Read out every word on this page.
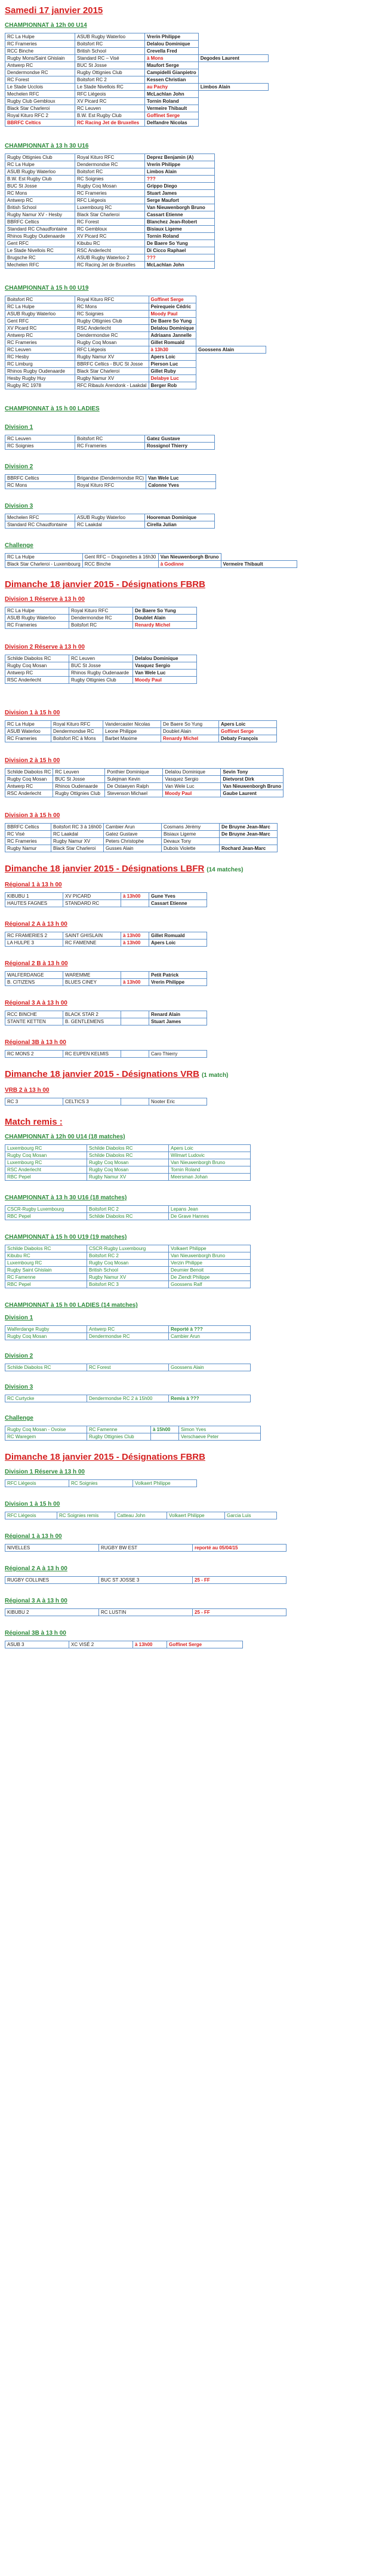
Samedi 17 janvier 2015
CHAMPIONNAT à 12h 00 U14
RC La Hulpe	ASUB Rugby Waterloo	Vrerin Philippe	
RC Frameries	Boitsfort RC	Delalou Dominique	
RCC Binche	British School	Crevella Fred	
Rugby Mons/Saint Ghislain	Standard RC – Visé	à Mons	Degodes Laurent
Antwerp RC	BUC St Josse	Maufort Serge	
Dendermondse RC	Rugby Ottignies Club	Campidelli Gianpietro	
RC Forest	Boitsfort RC 2	Kessen Christian	
Le Stade Ucclois	Le Stade Nivellois RC	au Pachy	Limbos Alain
Mechelen RFC	RFC Liégeois	McLachlan John	
Rugby Club Gembloux	XV Picard RC	Tornin Roland	
Black Star Charleroi	RC Leuven	Vermeire Thibault	
Royal Kituro RFC 2	B.W. Est Rugby Club	Goffinet Serge	
BBRFC Celtics	RC Racing Jet de Bruxelles	Delfandre Nicolas	
CHAMPIONNAT à 13 h 30 U16
Rugby Ottignies Club	Royal Kituro RFC	Deprez Benjamin (A)
RC La Hulpe	Dendermondse RC	Vrerin Philippe
ASUB Rugby Waterloo	Boitsfort RC	Limbos Alain
B.W. Est Rugby Club	RC Soignies	???
BUC St Josse	Rugby Coq Mosan	Grippo Diego
RC Mons	RC Frameries	Stuart James
Antwerp RC	RFC Liégeois	Serge Maufort
British School	Luxembourg RC	Van Nieuwenborgh Bruno
Rugby Namur XV - Hesby	Black Star Charleroi	Cassart Etienne
BBRFC Celtics	RC Forest	Blanchez Jean-Robert
Standard RC Chaudfontaine	RC Gembloux	Bisiaux Ligeme
Rhinos Rugby Oudenaarde	XV Picard RC	Tornin Roland
Gent RFC	Kibubu RC	De Baere So Yung
Le Stade Nivellois RC	RSC Anderlecht	Di Cicco Raphael
Brugsche RC	ASUB Rugby Waterloo 2	???
Mechelen RFC	RC Racing Jet de Bruxelles	McLachlan John
CHAMPIONNAT à 15 h 00 U19
Boitsfort RC	Royal Kituro RFC	Goffinet Serge	
RC La Hulpe	RC Mons	Peirequeie Cédric	
ASUB Rugby Waterloo	RC Soignies	Moody Paul	
Gent RFC	Rugby Ottignies Club	De Baere So Yung	
XV Picard RC	RSC Anderlecht	Delalou Dominique	
Antwerp RC	Dendermondse RC	Adriaans Jannelle	
RC Frameries	Rugby Coq Mosan	Gillet Romuald	
RC Leuven	RFC Liégeois	à 13h30	Goossens Alain
RC Hesby	Rugby Namur XV	Apers Loic	
RC Limburg	BBRFC Celtics - BUC St Josse	Pierson Luc	
Rhinos Rugby Oudenaarde	Black Star Charleroi	Gillet Ruby	
Hesby Rugby Huy	Rugby Namur XV	Delabye Luc	
Rugby RC 1978	RFC Ribaulx Arendonk - Laakdal	Berger Rob	
CHAMPIONNAT à 15 h 00 LADIES
Division 1
RC Leuven	Boitsfort RC	Gatez Gustave
RC Soignies	RC Frameries	Rossignol Thierry
Division 2
BBRFC Celtics	Brigandse (Dendermondse RC)	Van Wele Luc
RC Mons	Royal Kituro RFC	Calonne Yves
Division 3
Mechelen RFC	ASUB Rugby Waterloo	Hooreman Dominique
Standard RC Chaudfontaine	RC Laakdal	Cirella Julian
Challenge
RC La Hulpe	Gent RFC – Dragonettes à 16h30	Van Nieuwenborgh Bruno	
Black Star Charleroi - Luxembourg	RCC Binche	à Godinne	Vermeire Thibault
Dimanche 18 janvier 2015 - Désignations FBRB
Division 1 Réserve à 13 h 00
RC La Hulpe	Royal Kituro RFC	De Baere So Yung
ASUB Rugby Waterloo	Dendermondse RC	Doublet Alain
RC Frameries	Boitsfort RC	Renardy Michel
Division 2 Réserve à 13 h 00
Schilde Diabolos RC	RC Leuven	Delalou Dominique
Rugby Coq Mosan	BUC St Josse	Vasquez Sergio
Antwerp RC	Rhinos Rugby Oudenaarde	Van Wele Luc
RSC Anderlecht	Rugby Ottignies Club	Moody Paul
Division 1 à 15 h 00
RC La Hulpe	Royal Kituro RFC	Vandercaster Nicolas	De Baere So Yung	Apers Loic
ASUB Waterloo	Dendermondse RC	Leone Philippe	Doublet Alain	Goffinet Serge
RC Frameries	Boitsfort RC à Mons	Barbet Maxime	Renardy Michel	Debaty François
Division 2 à 15 h 00
Schilde Diabolos RC	RC Leuven	Ponthier Dominique	Delalou Dominique	Sevin Tony
Rugby Coq Mosan	BUC St Josse	Sulejman Kevin	Vasquez Sergio	Dietvorst Dirk
Antwerp RC	Rhinos Oudenaarde	De Ostaeyen Ralph	Van Wele Luc	Van Nieuwenborgh Bruno
RSC Anderlecht	Rugby Ottignies Club	Stevenson Michael	Moody Paul	Gaube Laurent
Division 3 à 15 h 00
BBRFC Celtics	Boitsfort RC 3 à 16h00	Cambier Arun	Cosmans Jérémy	De Bruyne Jean-Marc
RC Visé	RC Laakdal	Gatez Gustave	Bisiaux Ligeme	De Bruyne Jean-Marc
RC Frameries	Rugby Namur XV	Peters Christophe	Devaux Tony	
Rugby Namur	Black Star Charleroi	Gusses Alain	Dubois Violette	Rochard Jean-Marc
Dimanche 18 janvier 2015 - Désignations LBFR (14 matches)
Régional 1 à 13 h 00
KIBUBU 1	XV PICARD	à 13h00	Gune Yves
HAUTES FAGNES	STANDARD RC		Cassart Etienne
Régional 2 A à 13 h 00
RC FRAMERIES 2	SAINT GHISLAIN	à 13h00	Gillet Romuald
LA HULPE 3	RC FAMENNE	à 13h00	Apers Loic
Régional 2 B à 13 h 00
WALFERDANGE	WAREMME		Petit Patrick
B. CITIZENS	BLUES CINEY	à 13h00	Vrerin Philippe
Régional 3 A à 13 h 00
RCC BINCHE	BLACK STAR 2		Renard Alain
STANTE KETTEN	B. GENTLEMENS		Stuart James
Régional 3B à 13 h 00
RC MONS 2	RC EUPEN KELMIS		Caro Thierry
Dimanche 18 janvier 2015 - Désignations VRB (1 match)
VRB 2 à 13 h 00
RC 3	CELTICS 3		Nooter Eric
Match remis :
CHAMPIONNAT à 12h 00 U14 (18 matches)
Luxembourg RC	Schilde Diabolos RC	Apers Loic
Rugby Coq Mosan	Schilde Diabolos RC	Wilmart Ludovic
Luxembourg RC	Rugby Coq Mosan	Van Nieuwenborgh Bruno
RSC Anderlecht	Rugby Coq Mosan	Tornin Roland
RBC Pepel	Rugby Namur XV	Meersman Johan
CHAMPIONNAT à 13 h 30 U16 (18 matches)
CSCR-Rugby Luxembourg	Boitsfort RC 2	Lepans Jean
RBC Pepel	Schilde Diabolos RC	De Grave Hannes
CHAMPIONNAT à 15 h 00 U19 (19 matches)
Schilde Diabolos RC	CSCR-Rugby Luxembourg	Volkaert Philippe
Kibubu RC	Boitsfort RC 2	Van Nieuwenborgh Bruno
Luxembourg RC	Rugby Coq Mosan	Verzin Philippe
Rugby Saint Ghislain	British School	Deumier Benoit
RC Famenne	Rugby Namur XV	De Ziendt Philippe
RBC Pepel	Boitsfort RC 3	Goossens Ralf
CHAMPIONNAT à 15 h 00 LADIES (14 matches)
Division 1
Walferdange Rugby	Antwerp RC	Reporté à ???
Rugby Coq Mosan	Dendermondse RC	Cambier Arun
Division 2
Schilde Diabolos RC	RC Forest	Goossens Alain
Division 3
RC Curtycke	Dendermondse RC 2 à 15h00	Remis à ???
Challenge
Rugby Coq Mosan - Ovoise	RC Famenne	à 15h00	Simon Yves
RC Waregem	Rugby Ottignies Club		Verschaeve Peter
Dimanche 18 janvier 2015 - Désignations FBRB
Division 1 Réserve à 13 h 00
RFC Liégeois	RC Soignies	Volkaert Philippe
Division 1 à 15 h 00
RFC Liégeois	RC Soignies remis	Catteau John	Volkaert Philippe	Garcia Luis
Régional 1 à 13 h 00
NIVELLES	RUGBY BW EST	reporté au 05/04/15
Régional 2 A à 13 h 00
RUGBY COLLINES	BUC ST JOSSE 3	25 - FF
Régional 3 A à 13 h 00
KIBUBU 2	RC LUSTIN	25 - FF
Régional 3B à 13 h 00
ASUB 3	XC VISÉ 2	à 13h00	Goffinet Serge
